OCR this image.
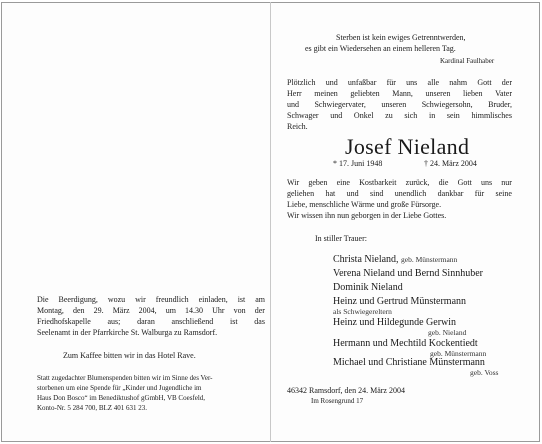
Die Beerdigung, wozu wir freundlich einladen, ist am
Montag, den 29. März 2004, um 14.30 Uhr von der
Friedhofskapelle aus; daran anschließend ist das
Seelenamt in der Pfarrkirche St. Walburga zu Ramsdorf.
Zum Kaffee bitten wir in das Hotel Rave.
Statt zugedachter Blumenspenden bitten wir im Sinne des Ver-
storbenen um eine Spende für „Kinder und Jugendliche im
Haus Don Bosco“ im Benediktushof gGmbH, VB Coesfeld,
Konto-Nr. 5 284 700, BLZ 401 631 23.
Sterben ist kein ewiges Getrenntwerden,
es gibt ein Wiedersehen an einem helleren Tag.
Kardinal Faulhaber
Plötzlich und unfaßbar für uns alle nahm Gott der
Herr meinen geliebten Mann, unseren lieben Vater
und Schwiegervater, unseren Schwiegersohn, Bruder,
Schwager und Onkel zu sich in sein himmlisches
Reich.
Josef Nieland
* 17. Juni 1948	† 24. März 2004
Wir geben eine Kostbarkeit zurück, die Gott uns nur
geliehen hat und sind unendlich dankbar für seine
Liebe, menschliche Wärme und große Fürsorge.
Wir wissen ihn nun geborgen in der Liebe Gottes.
In stiller Trauer:
Christa Nieland, geb. Münstermann
Verena Nieland und Bernd Sinnhuber
Dominik Nieland
Heinz und Gertrud Münstermann
als Schwiegereltern
Heinz und Hildegunde Gerwin
geb. Nieland
Hermann und Mechtild Kockentiedt
geb. Münstermann
Michael und Christiane Münstermann
geb. Voss
46342 Ramsdorf, den 24. März 2004
Im Rosengrund 17
